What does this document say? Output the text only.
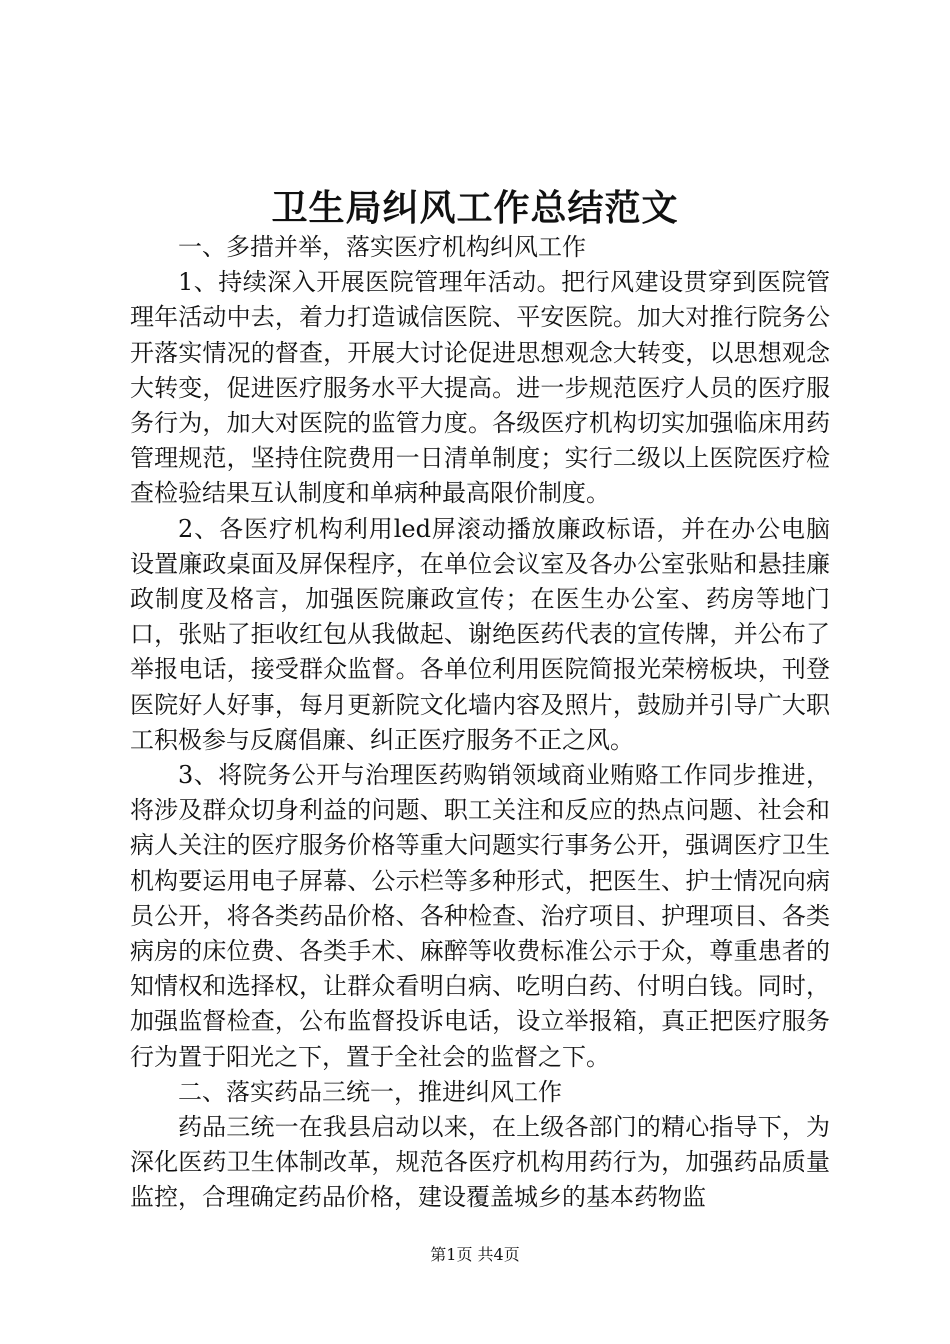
卫生局纠风工作总结范文

一、多措并举，落实医疗机构纠风工作

1、持续深入开展医院管理年活动。把行风建设贯穿到医院管理年活动中去，着力打造诚信医院、平安医院。加大对推行院务公开落实情况的督查，开展大讨论促进思想观念大转变，以思想观念大转变，促进医疗服务水平大提高。进一步规范医疗人员的医疗服务行为，加大对医院的监管力度。各级医疗机构切实加强临床用药管理规范，坚持住院费用一日清单制度；实行二级以上医院医疗检查检验结果互认制度和单病种最高限价制度。

2、各医疗机构利用led屏滚动播放廉政标语，并在办公电脑设置廉政桌面及屏保程序，在单位会议室及各办公室张贴和悬挂廉政制度及格言，加强医院廉政宣传；在医生办公室、药房等地门口，张贴了拒收红包从我做起、谢绝医药代表的宣传牌，并公布了举报电话，接受群众监督。各单位利用医院简报光荣榜板块，刊登医院好人好事，每月更新院文化墙内容及照片，鼓励并引导广大职工积极参与反腐倡廉、纠正医疗服务不正之风。

3、将院务公开与治理医药购销领域商业贿赂工作同步推进，将涉及群众切身利益的问题、职工关注和反应的热点问题、社会和病人关注的医疗服务价格等重大问题实行事务公开，强调医疗卫生机构要运用电子屏幕、公示栏等多种形式，把医生、护士情况向病员公开，将各类药品价格、各种检查、治疗项目、护理项目、各类病房的床位费、各类手术、麻醉等收费标准公示于众，尊重患者的知情权和选择权，让群众看明白病、吃明白药、付明白钱。同时，加强监督检查，公布监督投诉电话，设立举报箱，真正把医疗服务行为置于阳光之下，置于全社会的监督之下。

二、落实药品三统一，推进纠风工作

药品三统一在我县启动以来，在上级各部门的精心指导下，为深化医药卫生体制改革，规范各医疗机构用药行为，加强药品质量监控，合理确定药品价格，建设覆盖城乡的基本药物监

第1页 共4页
